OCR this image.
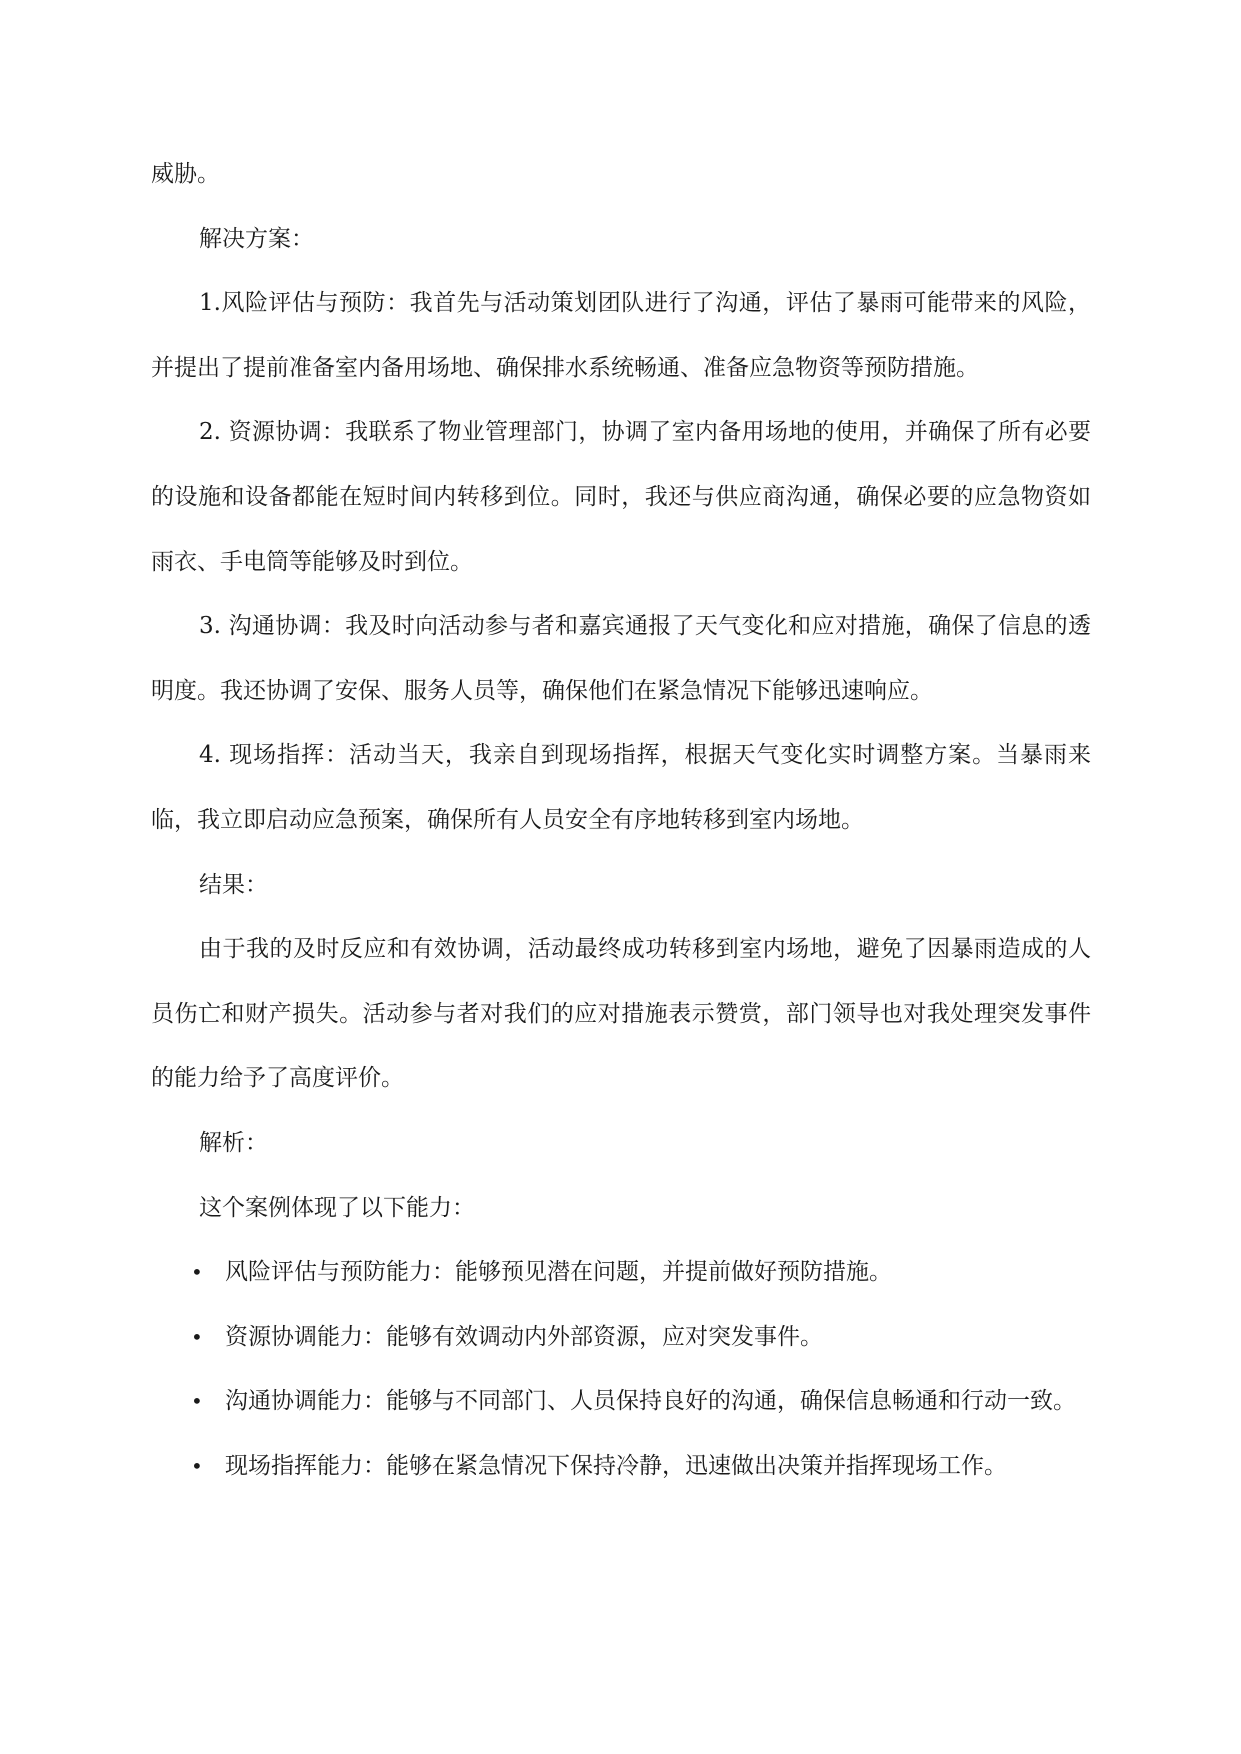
威胁。

解决方案：

1.风险评估与预防：我首先与活动策划团队进行了沟通，评估了暴雨可能带来的风险，并提出了提前准备室内备用场地、确保排水系统畅通、准备应急物资等预防措施。

2. 资源协调：我联系了物业管理部门，协调了室内备用场地的使用，并确保了所有必要的设施和设备都能在短时间内转移到位。同时，我还与供应商沟通，确保必要的应急物资如雨衣、手电筒等能够及时到位。

3. 沟通协调：我及时向活动参与者和嘉宾通报了天气变化和应对措施，确保了信息的透明度。我还协调了安保、服务人员等，确保他们在紧急情况下能够迅速响应。

4. 现场指挥：活动当天，我亲自到现场指挥，根据天气变化实时调整方案。当暴雨来临，我立即启动应急预案，确保所有人员安全有序地转移到室内场地。

结果：

由于我的及时反应和有效协调，活动最终成功转移到室内场地，避免了因暴雨造成的人员伤亡和财产损失。活动参与者对我们的应对措施表示赞赏，部门领导也对我处理突发事件的能力给予了高度评价。

解析：

这个案例体现了以下能力：

• 风险评估与预防能力：能够预见潜在问题，并提前做好预防措施。
• 资源协调能力：能够有效调动内外部资源，应对突发事件。
• 沟通协调能力：能够与不同部门、人员保持良好的沟通，确保信息畅通和行动一致。
• 现场指挥能力：能够在紧急情况下保持冷静，迅速做出决策并指挥现场工作。
